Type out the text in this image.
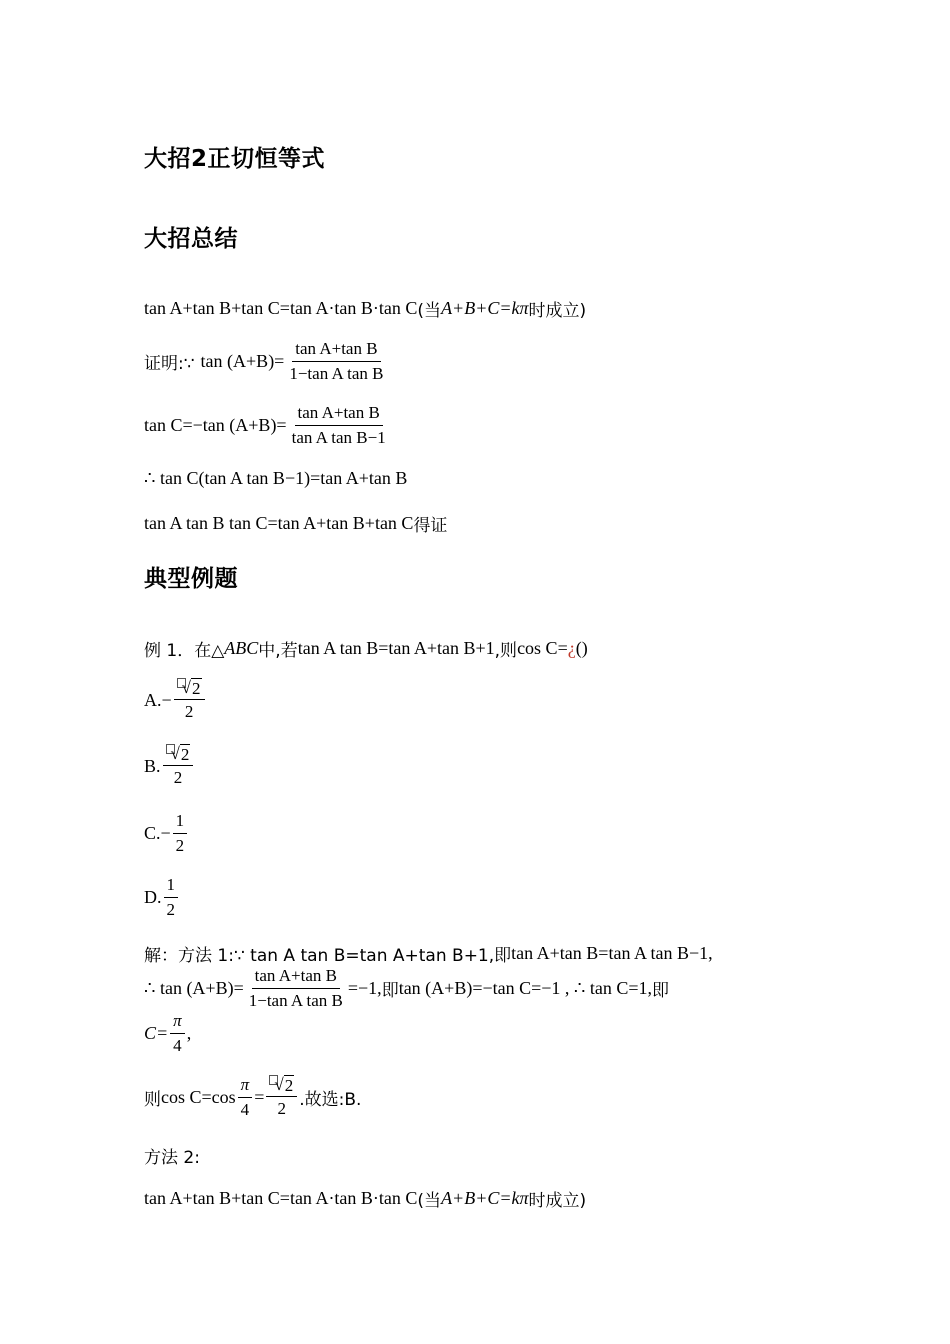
大招2正切恒等式
大招总结
tan A+tan B+tan C=tan A·tan B·tan C (当 A+B+C=kπ 时成立)
证明:∵ $\tan (A+B)= \frac{\text{tan A+tan B}}{\text{1−tan A tan B}}$
tan C=−tan $(A+B)= \frac{\text{tan A+tan B}}{\text{tan A tan B−1}}$
∴ tan C(tan A tan B−1)=tan A+tan B
tan A tan B tan C=tan A+tan B+tan C 得证
典型例题
例 1．在△ ABC 中,若 tan A tan B=tan A+tan B+1 ,则 cos C= ¿ ()
A. − $\frac{√ 2}{2}$
B. $\frac{√ 2}{2}$
C. − $\frac{1}{2}$
D. $\frac{1}{2}$
解：方法 1:∵ tan A tan B=tan A+tan B+1, 即 tan A+tan B=tan A tan B−1,
∴ $\tan (A+B)= \frac{\text{tan A+tan B}}{\text{1−tan A tan B}} =-1$, 即 tan (A+B)=−tan C=−1 , ∴ tan C=1, 即
$C= \frac{\pi}{4}$ ,
则 $\cos C=\cos \frac{\pi}{4} = \frac{√ 2}{2}$ .故选:B.
方法 2:
tan A+tan B+tan C=tan A·tan B·tan C (当 A+B+C=kπ 时成立)
